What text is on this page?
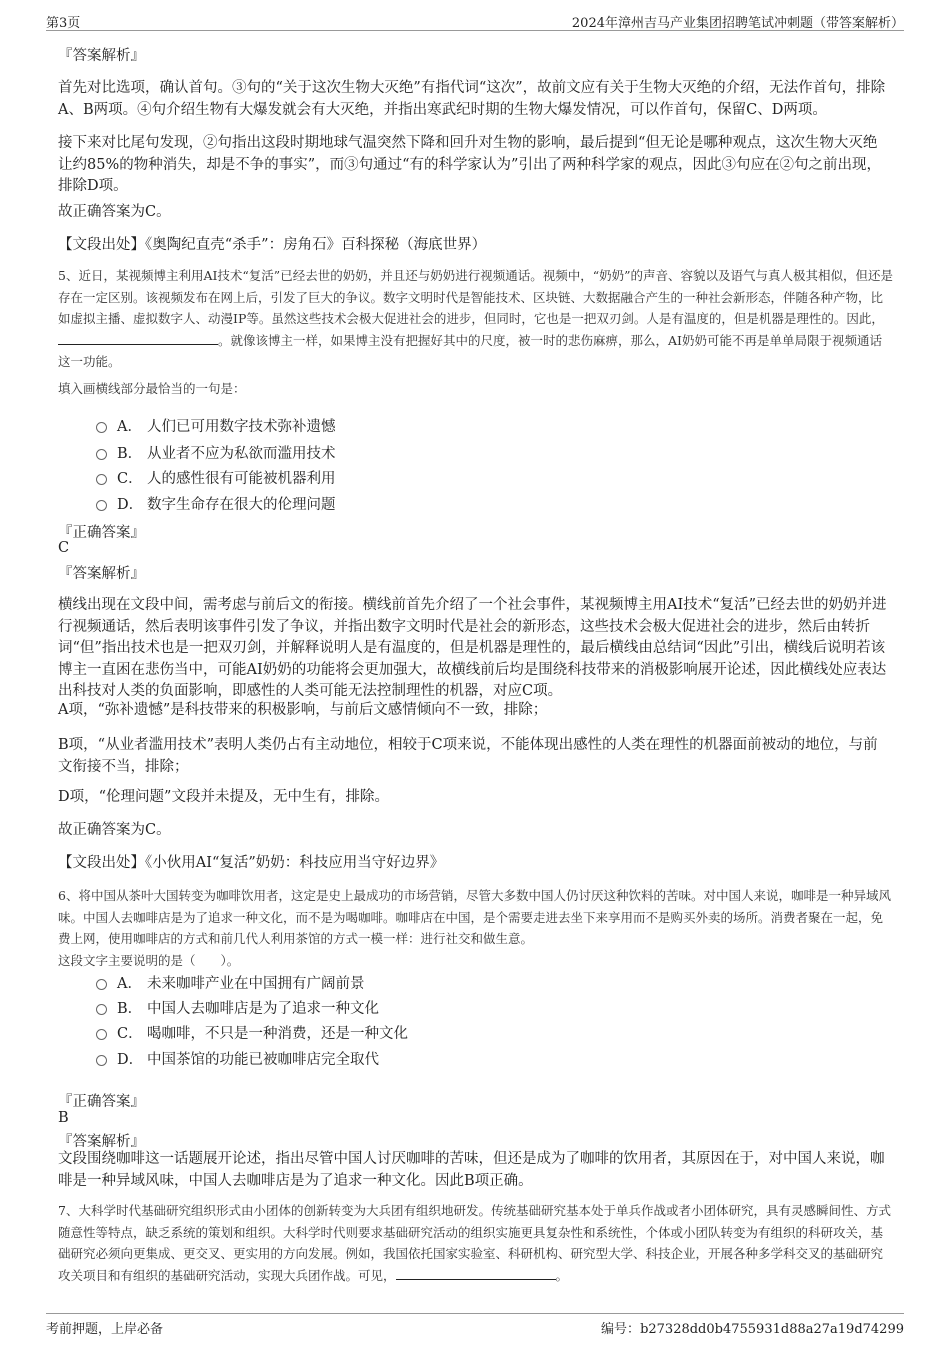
第3页	2024年漳州吉马产业集团招聘笔试冲刺题（带答案解析）
『答案解析』

首先对比选项，确认首句。③句的“关于这次生物大灭绝”有指代词“这次”，故前文应有关于生物大灭绝的介绍，无法作首句，排除A、B两项。④句介绍生物有大爆发就会有大灭绝，并指出寒武纪时期的生物大爆发情况，可以作首句，保留C、D两项。

接下来对比尾句发现，②句指出这段时期地球气温突然下降和回升对生物的影响，最后提到“但无论是哪种观点，这次生物大灭绝让约85%的物种消失，却是不争的事实”，而③句通过“有的科学家认为”引出了两种科学家的观点，因此③句应在②句之前出现，排除D项。

故正确答案为C。

【文段出处】《奥陶纪直壳“杀手”：房角石》百科探秘（海底世界）

5、近日，某视频博主利用AI技术“复活”已经去世的奶奶，并且还与奶奶进行视频通话。视频中，“奶奶”的声音、容貌以及语气与真人极其相似，但还是存在一定区别。该视频发布在网上后，引发了巨大的争议。数字文明时代是智能技术、区块链、大数据融合产生的一种社会新形态，伴随各种产物，比如虚拟主播、虚拟数字人、动漫IP等。虽然这些技术会极大促进社会的进步，但同时，它也是一把双刃剑。人是有温度的，但是机器是理性的。因此，。就像该博主一样，如果博主没有把握好其中的尺度，被一时的悲伤麻痹，那么，AI奶奶可能不再是单单局限于视频通话这一功能。

填入画横线部分最恰当的一句是：

A． 人们已可用数字技术弥补遗憾
B． 从业者不应为私欲而滥用技术
C． 人的感性很有可能被机器利用
D． 数字生命存在很大的伦理问题
『正确答案』
C
『答案解析』

横线出现在文段中间，需考虑与前后文的衔接。横线前首先介绍了一个社会事件，某视频博主用AI技术“复活”已经去世的奶奶并进行视频通话，然后表明该事件引发了争议，并指出数字文明时代是社会的新形态，这些技术会极大促进社会的进步，然后由转折词“但”指出技术也是一把双刃剑，并解释说明人是有温度的，但是机器是理性的，最后横线由总结词“因此”引出，横线后说明若该博主一直困在悲伤当中，可能AI奶奶的功能将会更加强大，故横线前后均是围绕科技带来的消极影响展开论述，因此横线处应表达出科技对人类的负面影响，即感性的人类可能无法控制理性的机器，对应C项。

A项，“弥补遗憾”是科技带来的积极影响，与前后文感情倾向不一致，排除；

B项，“从业者滥用技术”表明人类仍占有主动地位，相较于C项来说，不能体现出感性的人类在理性的机器面前被动的地位，与前文衔接不当，排除；

D项，“伦理问题”文段并未提及，无中生有，排除。

故正确答案为C。

【文段出处】《小伙用AI“复活”奶奶：科技应用当守好边界》

6、将中国从茶叶大国转变为咖啡饮用者，这定是史上最成功的市场营销，尽管大多数中国人仍讨厌这种饮料的苦味。对中国人来说，咖啡是一种异域风味。中国人去咖啡店是为了追求一种文化，而不是为喝咖啡。咖啡店在中国，是个需要走进去坐下来享用而不是购买外卖的场所。消费者聚在一起，免费上网，使用咖啡店的方式和前几代人利用茶馆的方式一模一样：进行社交和做生意。

这段文字主要说明的是（　　）。

A． 未来咖啡产业在中国拥有广阔前景
B． 中国人去咖啡店是为了追求一种文化
C． 喝咖啡，不只是一种消费，还是一种文化
D． 中国茶馆的功能已被咖啡店完全取代
『正确答案』
B
『答案解析』

文段围绕咖啡这一话题展开论述，指出尽管中国人讨厌咖啡的苦味，但还是成为了咖啡的饮用者，其原因在于，对中国人来说，咖啡是一种异域风味，中国人去咖啡店是为了追求一种文化。因此B项正确。

7、大科学时代基础研究组织形式由小团体的创新转变为大兵团有组织地研发。传统基础研究基本处于单兵作战或者小团体研究，具有灵感瞬间性、方式随意性等特点，缺乏系统的策划和组织。大科学时代则要求基础研究活动的组织实施更具复杂性和系统性，个体或小团队转变为有组织的科研攻关，基础研究必须向更集成、更交叉、更实用的方向发展。例如，我国依托国家实验室、科研机构、研究型大学、科技企业，开展各种多学科交叉的基础研究攻关项目和有组织的基础研究活动，实现大兵团作战。可见，	。

考前押题，上岸必备	编号：b27328dd0b4755931d88a27a19d74299
